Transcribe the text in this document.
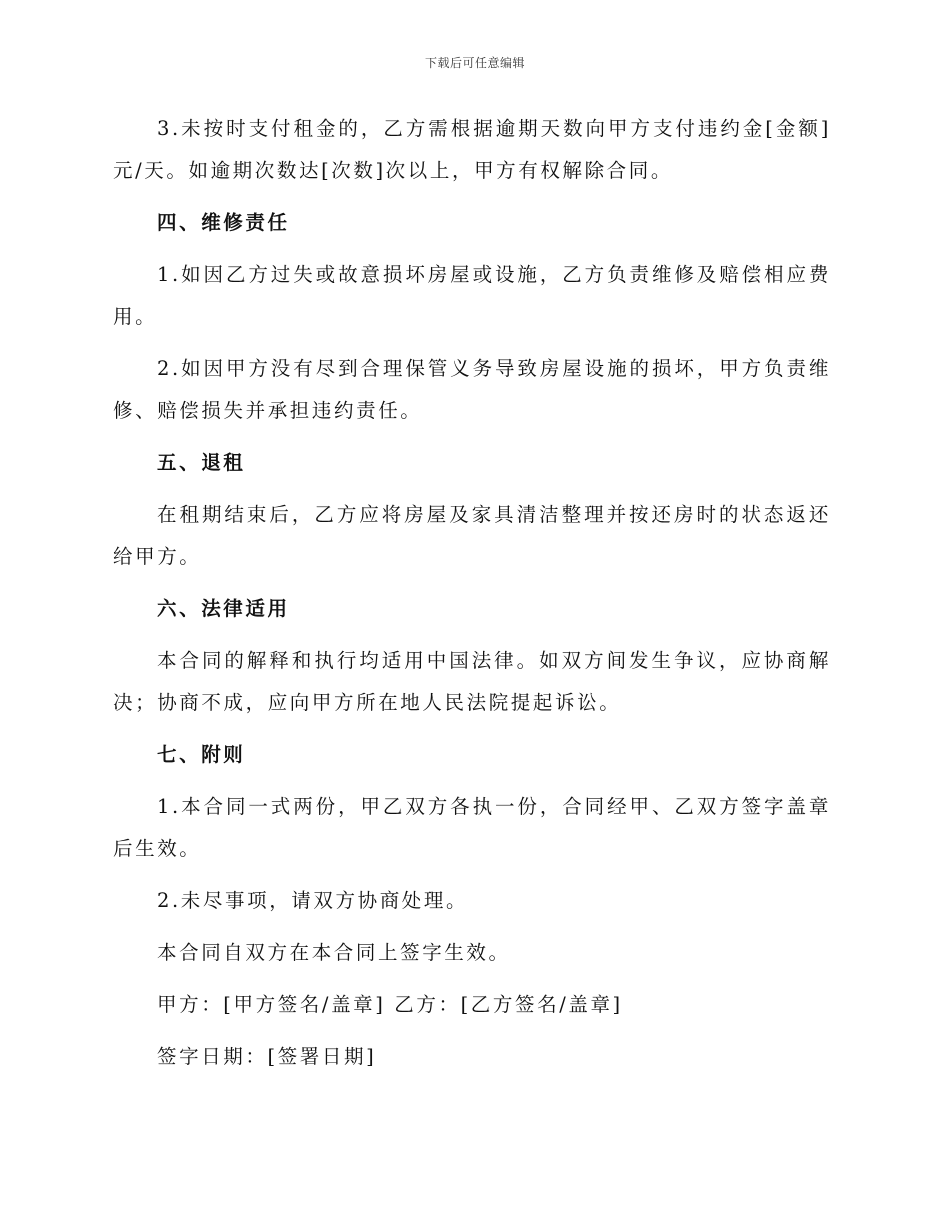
下载后可任意编辑

3.未按时支付租金的，乙方需根据逾期天数向甲方支付违约金[金额]元/天。如逾期次数达[次数]次以上，甲方有权解除合同。

四、维修责任

1.如因乙方过失或故意损坏房屋或设施，乙方负责维修及赔偿相应费用。

2.如因甲方没有尽到合理保管义务导致房屋设施的损坏，甲方负责维修、赔偿损失并承担违约责任。

五、退租

在租期结束后，乙方应将房屋及家具清洁整理并按还房时的状态返还给甲方。

六、法律适用

本合同的解释和执行均适用中国法律。如双方间发生争议，应协商解决；协商不成，应向甲方所在地人民法院提起诉讼。

七、附则

1.本合同一式两份，甲乙双方各执一份，合同经甲、乙双方签字盖章后生效。

2.未尽事项，请双方协商处理。

本合同自双方在本合同上签字生效。

甲方：[甲方签名/盖章] 乙方：[乙方签名/盖章]

签字日期：[签署日期]
